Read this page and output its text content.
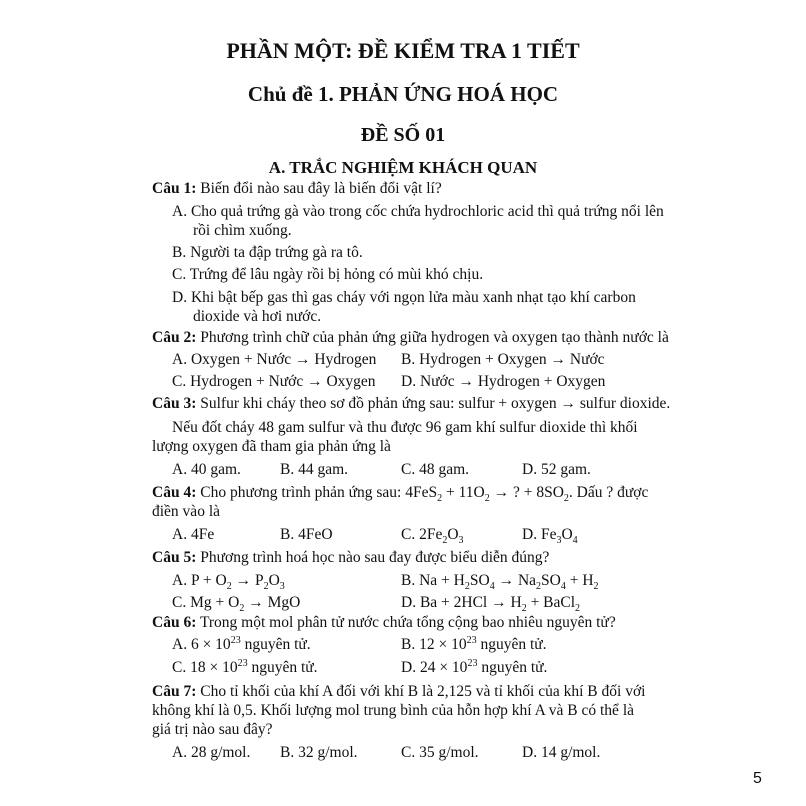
PHẦN MỘT: ĐỀ KIỂM TRA 1 TIẾT
Chủ đề 1. PHẢN ỨNG HOÁ HỌC
ĐỀ SỐ 01
A. TRẮC NGHIỆM KHÁCH QUAN
Câu 1: Biến đổi nào sau đây là biến đổi vật lí?
A. Cho quả trứng gà vào trong cốc chứa hydrochloric acid thì quả trứng nổi lên
rồi chìm xuống.
B. Người ta đập trứng gà ra tô.
C. Trứng để lâu ngày rồi bị hỏng có mùi khó chịu.
D. Khi bật bếp gas thì gas cháy với ngọn lửa màu xanh nhạt tạo khí carbon
dioxide và hơi nước.
Câu 2: Phương trình chữ của phản ứng giữa hydrogen và oxygen tạo thành nước là
A. Oxygen + Nước → Hydrogen B. Hydrogen + Oxygen → Nước
C. Hydrogen + Nước → Oxygen D. Nước → Hydrogen + Oxygen
Câu 3: Sulfur khi cháy theo sơ đồ phản ứng sau: sulfur + oxygen → sulfur dioxide.
Nếu đốt cháy 48 gam sulfur và thu được 96 gam khí sulfur dioxide thì khối
lượng oxygen đã tham gia phản ứng là
A. 40 gam.	B. 44 gam.	C. 48 gam.	D. 52 gam.
Câu 4: Cho phương trình phản ứng sau: $4FeS_2 + 11O_2$ → ? + $8SO_2$. Dấu ? được
điền vào là
A. 4Fe	B. 4FeO	C. $2Fe_2O_3$	D. $Fe_3O_4$
Câu 5: Phương trình hoá học nào sau đay được biểu diễn đúng?
A. $P + O_2 \to P_2O_3$	B. $Na + H_2SO_4 \to Na_2SO_4 + H_2$
C. $Mg + O_2$ → MgO	D. $Ba + 2HCl \to H_2$ + BaCl$_2$
Câu 6: Trong một mol phân tử nước chứa tổng cộng bao nhiêu nguyên tử?
A. $6 \times 10^{23}$ nguyên tử.	B. $12 \times 10^{23}$ nguyên tử.
C. $18 \times 10^{23}$ nguyên tử.	D. $24 \times 10^{23}$ nguyên tử.
Câu 7: Cho tỉ khối của khí A đối với khí B là 2,125 và tỉ khối của khí B đối với
không khí là 0,5. Khối lượng mol trung bình của hỗn hợp khí A và B có thể là
giá trị nào sau đây?
A. 28 g/mol. B. 32 g/mol.	C. 35 g/mol.	D. 14 g/mol.
5
